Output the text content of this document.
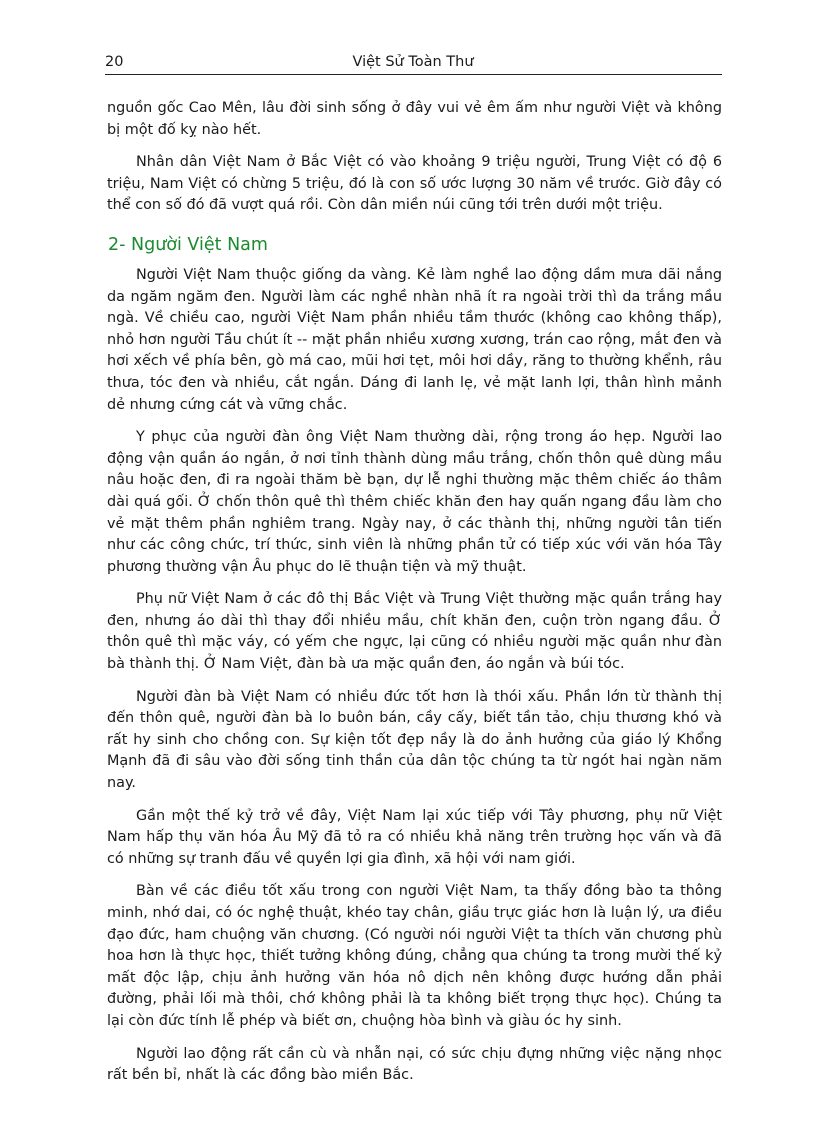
20	Việt Sử Toàn Thư

nguồn gốc Cao Mên, lâu đời sinh sống ở đây vui vẻ êm ấm như người Việt và không bị một đố kỵ nào hết.

Nhân dân Việt Nam ở Bắc Việt có vào khoảng 9 triệu người, Trung Việt có độ 6 triệu, Nam Việt có chừng 5 triệu, đó là con số ước lượng 30 năm về trước. Giờ đây có thể con số đó đã vượt quá rồi. Còn dân miền núi cũng tới trên dưới một triệu.

2- Người Việt Nam

Người Việt Nam thuộc giống da vàng. Kẻ làm nghề lao động dầm mưa dãi nắng da ngăm ngăm đen. Người làm các nghề nhàn nhã ít ra ngoài trời thì da trắng mầu ngà. Về chiều cao, người Việt Nam phần nhiều tầm thước (không cao không thấp), nhỏ hơn người Tầu chút ít -- mặt phần nhiều xương xương, trán cao rộng, mắt đen và hơi xếch về phía bên, gò má cao, mũi hơi tẹt, môi hơi dầy, răng to thường khểnh, râu thưa, tóc đen và nhiều, cắt ngắn. Dáng đi lanh lẹ, vẻ mặt lanh lợi, thân hình mảnh dẻ nhưng cứng cát và vững chắc.

Y phục của người đàn ông Việt Nam thường dài, rộng trong áo hẹp. Người lao động vận quần áo ngắn, ở nơi tỉnh thành dùng mầu trắng, chốn thôn quê dùng mầu nâu hoặc đen, đi ra ngoài thăm bè bạn, dự lễ nghi thường mặc thêm chiếc áo thâm dài quá gối. Ở chốn thôn quê thì thêm chiếc khăn đen hay quấn ngang đầu làm cho vẻ mặt thêm phần nghiêm trang. Ngày nay, ở các thành thị, những người tân tiến như các công chức, trí thức, sinh viên là những phần tử có tiếp xúc với văn hóa Tây phương thường vận Âu phục do lẽ thuận tiện và mỹ thuật.

Phụ nữ Việt Nam ở các đô thị Bắc Việt và Trung Việt thường mặc quần trắng hay đen, nhưng áo dài thì thay đổi nhiều mầu, chít khăn đen, cuộn tròn ngang đầu. Ở thôn quê thì mặc váy, có yếm che ngực, lại cũng có nhiều người mặc quần như đàn bà thành thị. Ở Nam Việt, đàn bà ưa mặc quần đen, áo ngắn và búi tóc.

Người đàn bà Việt Nam có nhiều đức tốt hơn là thói xấu. Phần lớn từ thành thị đến thôn quê, người đàn bà lo buôn bán, cầy cấy, biết tần tảo, chịu thương khó và rất hy sinh cho chồng con. Sự kiện tốt đẹp nầy là do ảnh hưởng của giáo lý Khổng Mạnh đã đi sâu vào đời sống tinh thần của dân tộc chúng ta từ ngót hai ngàn năm nay.

Gần một thế kỷ trở về đây, Việt Nam lại xúc tiếp với Tây phương, phụ nữ Việt Nam hấp thụ văn hóa Âu Mỹ đã tỏ ra có nhiều khả năng trên trường học vấn và đã có những sự tranh đấu về quyền lợi gia đình, xã hội với nam giới.

Bàn về các điều tốt xấu trong con người Việt Nam, ta thấy đồng bào ta thông minh, nhớ dai, có óc nghệ thuật, khéo tay chân, giầu trực giác hơn là luận lý, ưa điều đạo đức, ham chuộng văn chương. (Có người nói người Việt ta thích văn chương phù hoa hơn là thực học, thiết tưởng không đúng, chẳng qua chúng ta trong mười thế kỷ mất độc lập, chịu ảnh hưởng văn hóa nô dịch nên không được hướng dẫn phải đường, phải lối mà thôi, chớ không phải là ta không biết trọng thực học). Chúng ta lại còn đức tính lễ phép và biết ơn, chuộng hòa bình và giàu óc hy sinh.

Người lao động rất cần cù và nhẫn nại, có sức chịu đựng những việc nặng nhọc rất bền bỉ, nhất là các đồng bào miền Bắc.
